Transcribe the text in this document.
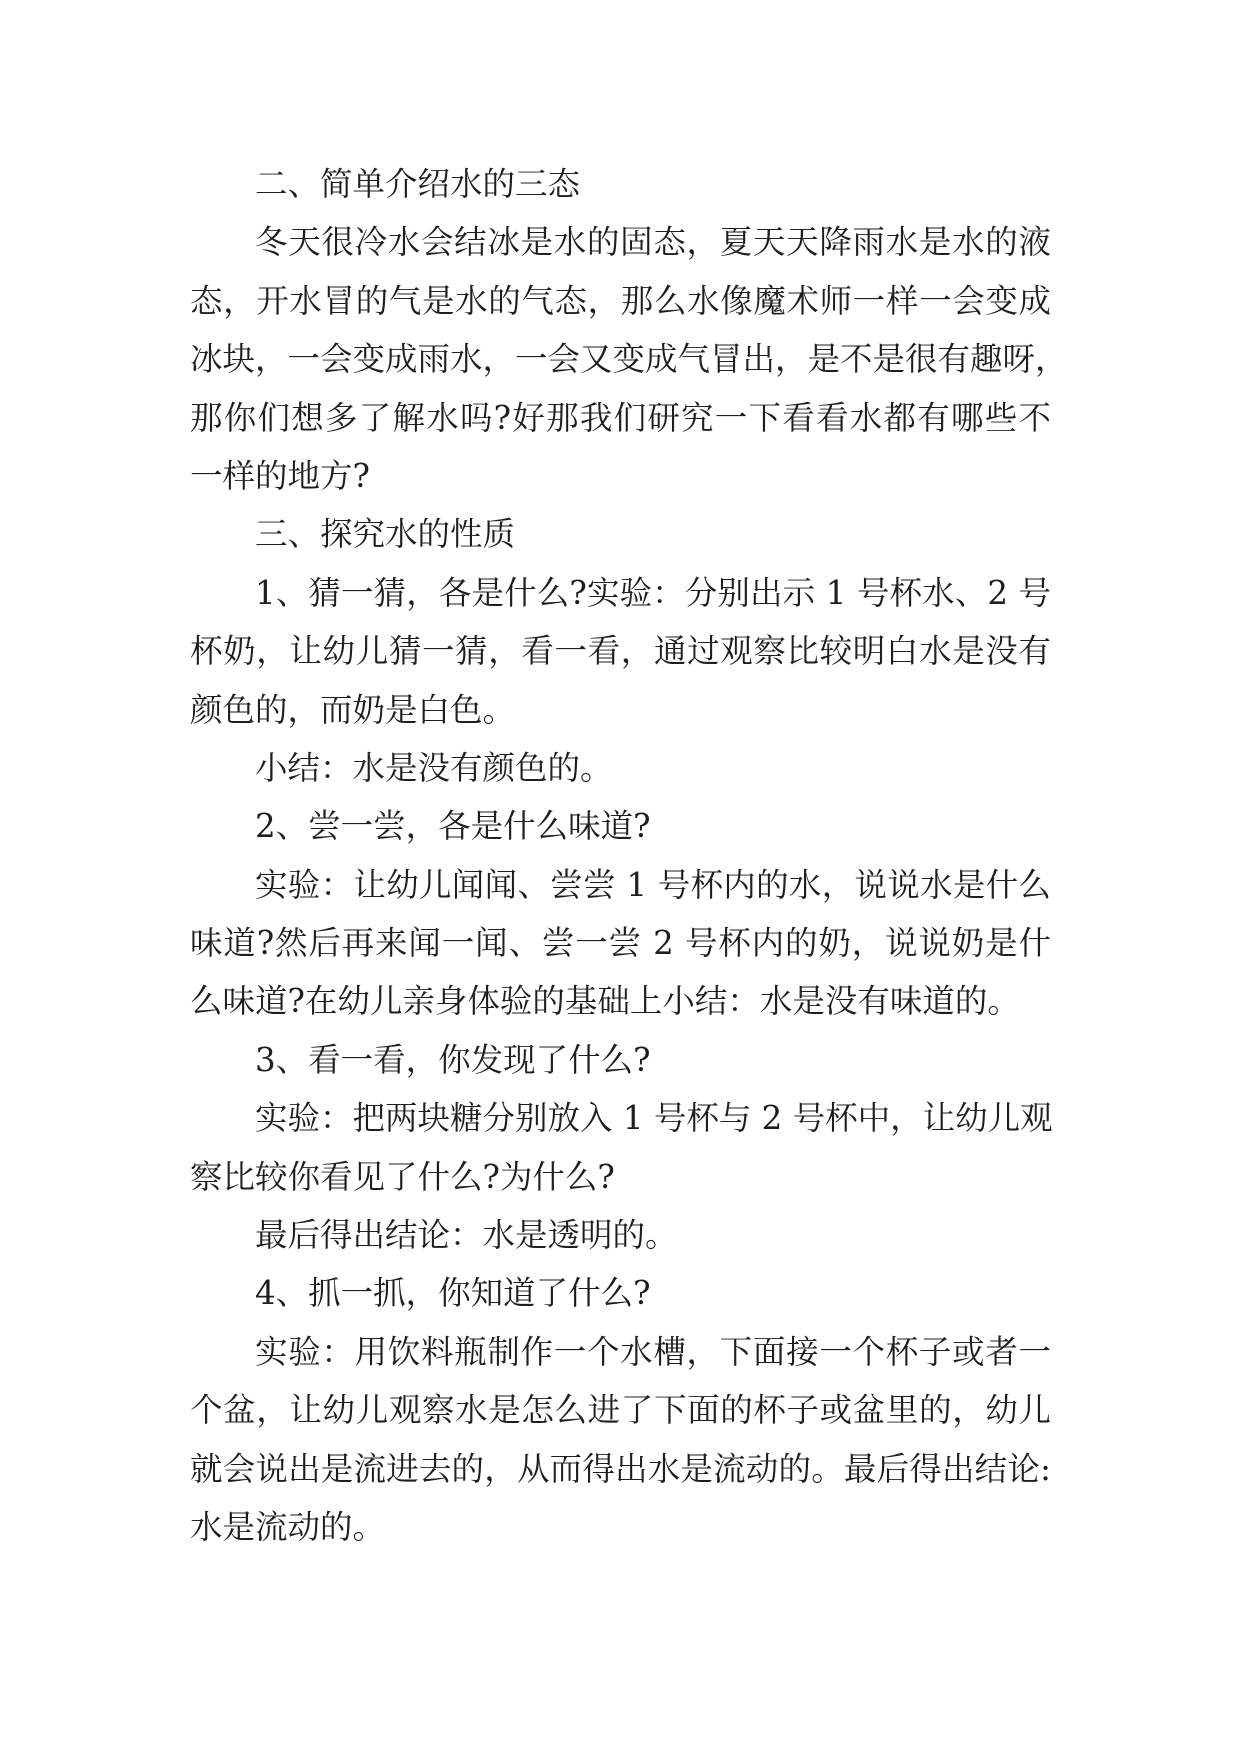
二、简单介绍水的三态
冬天很冷水会结冰是水的固态，夏天天降雨水是水的液
态，开水冒的气是水的气态，那么水像魔术师一样一会变成
冰块，一会变成雨水，一会又变成气冒出，是不是很有趣呀，
那你们想多了解水吗?好那我们研究一下看看水都有哪些不
一样的地方?
三、探究水的性质
1、猜一猜，各是什么?实验：分别出示 1 号杯水、2 号
杯奶，让幼儿猜一猜，看一看，通过观察比较明白水是没有
颜色的，而奶是白色。
小结：水是没有颜色的。
2、尝一尝，各是什么味道?
实验：让幼儿闻闻、尝尝 1 号杯内的水，说说水是什么
味道?然后再来闻一闻、尝一尝 2 号杯内的奶，说说奶是什
么味道?在幼儿亲身体验的基础上小结：水是没有味道的。
3、看一看，你发现了什么?
实验：把两块糖分别放入 1 号杯与 2 号杯中，让幼儿观
察比较你看见了什么?为什么?
最后得出结论：水是透明的。
4、抓一抓，你知道了什么?
实验：用饮料瓶制作一个水槽，下面接一个杯子或者一
个盆，让幼儿观察水是怎么进了下面的杯子或盆里的，幼儿
就会说出是流进去的，从而得出水是流动的。最后得出结论:
水是流动的。
